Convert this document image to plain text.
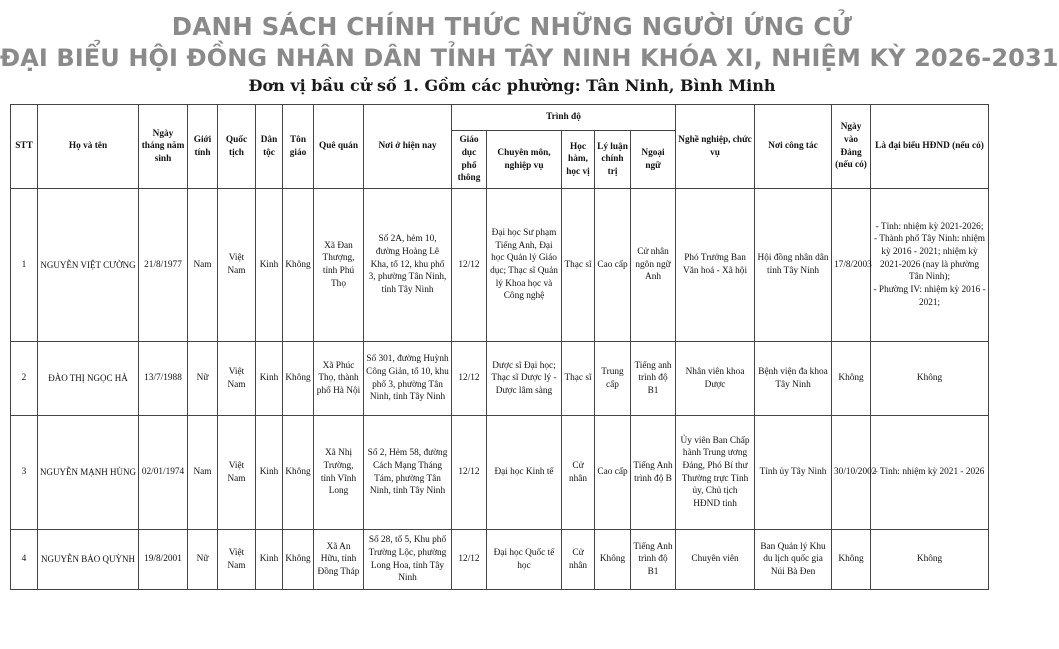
DANH SÁCH CHÍNH THỨC NHỮNG NGƯỜI ỨNG CỬ
ĐẠI BIỂU HỘI ĐỒNG NHÂN DÂN TỈNH TÂY NINH KHÓA XI, NHIỆM KỲ 2026-2031
Đơn vị bầu cử số 1. Gồm các phường: Tân Ninh, Bình Minh
STT	Họ và tên	Ngày tháng năm sinh	Giới tính	Quốc tịch	Dân tộc	Tôn giáo	Quê quán	Nơi ở hiện nay	Trình độ					Nghề nghiệp, chức vụ	Nơi công tác	Ngày vào Đảng (nếu có)	Là đại biểu HĐND (nếu có)
									Giáo dục phổ thông	Chuyên môn, nghiệp vụ	Học hàm, học vị	Lý luận chính trị	Ngoại ngữ				
1	NGUYỄN VIỆT CƯỜNG	21/8/1977	Nam	Việt Nam	Kinh	Không	Xã Đan Thượng, tỉnh Phú Thọ	Số 2A, hẻm 10, đường Hoàng Lê Kha, tổ 12, khu phố 3, phường Tân Ninh, tỉnh Tây Ninh	12/12	Đại học Sư phạm Tiếng Anh, Đại học Quản lý Giáo dục; Thạc sĩ Quản lý Khoa học và Công nghệ	Thạc sĩ	Cao cấp	Cử nhân ngôn ngữ Anh	Phó Trưởng Ban Văn hoá - Xã hội	Hội đồng nhân dân tỉnh Tây Ninh	17/8/2003	- Tỉnh: nhiệm kỳ 2021-2026;
- Thành phố Tây Ninh: nhiệm kỳ 2016 - 2021; nhiệm kỳ 2021-2026 (nay là phường Tân Ninh);
- Phường IV: nhiệm kỳ 2016 - 2021;
2	ĐÀO THỊ NGỌC HÀ	13/7/1988	Nữ	Việt Nam	Kinh	Không	Xã Phúc Thọ, thành phố Hà Nội	Số 301, đường Huỳnh Công Giản, tổ 10, khu phố 3, phường Tân Ninh, tỉnh Tây Ninh	12/12	Dược sĩ Đại học; Thạc sĩ Dược lý - Dược lâm sàng	Thạc sĩ	Trung cấp	Tiếng anh trình độ B1	Nhân viên khoa Dược	Bệnh viện đa khoa Tây Ninh	Không	Không
3	NGUYỄN MẠNH HÙNG	02/01/1974	Nam	Việt Nam	Kinh	Không	Xã Nhị Trường, tỉnh Vĩnh Long	Số 2, Hẻm 58, đường Cách Mạng Tháng Tám, phường Tân Ninh, tỉnh Tây Ninh	12/12	Đại học Kinh tế	Cử nhân	Cao cấp	Tiếng Anh trình độ B	Ủy viên Ban Chấp hành Trung ương Đảng, Phó Bí thư Thường trực Tỉnh ủy, Chủ tịch HĐND tỉnh	Tỉnh ủy Tây Ninh	30/10/2002	- Tỉnh: nhiệm kỳ 2021 - 2026
4	NGUYỄN BẢO QUỲNH	19/8/2001	Nữ	Việt Nam	Kinh	Không	Xã An Hữu, tỉnh Đồng Tháp	Số 28, tổ 5, Khu phố Trường Lộc, phường Long Hoa, tỉnh Tây Ninh	12/12	Đại học Quốc tế học	Cử nhân	Không	Tiếng Anh trình độ B1	Chuyên viên	Ban Quản lý Khu du lịch quốc gia Núi Bà Đen	Không	Không
